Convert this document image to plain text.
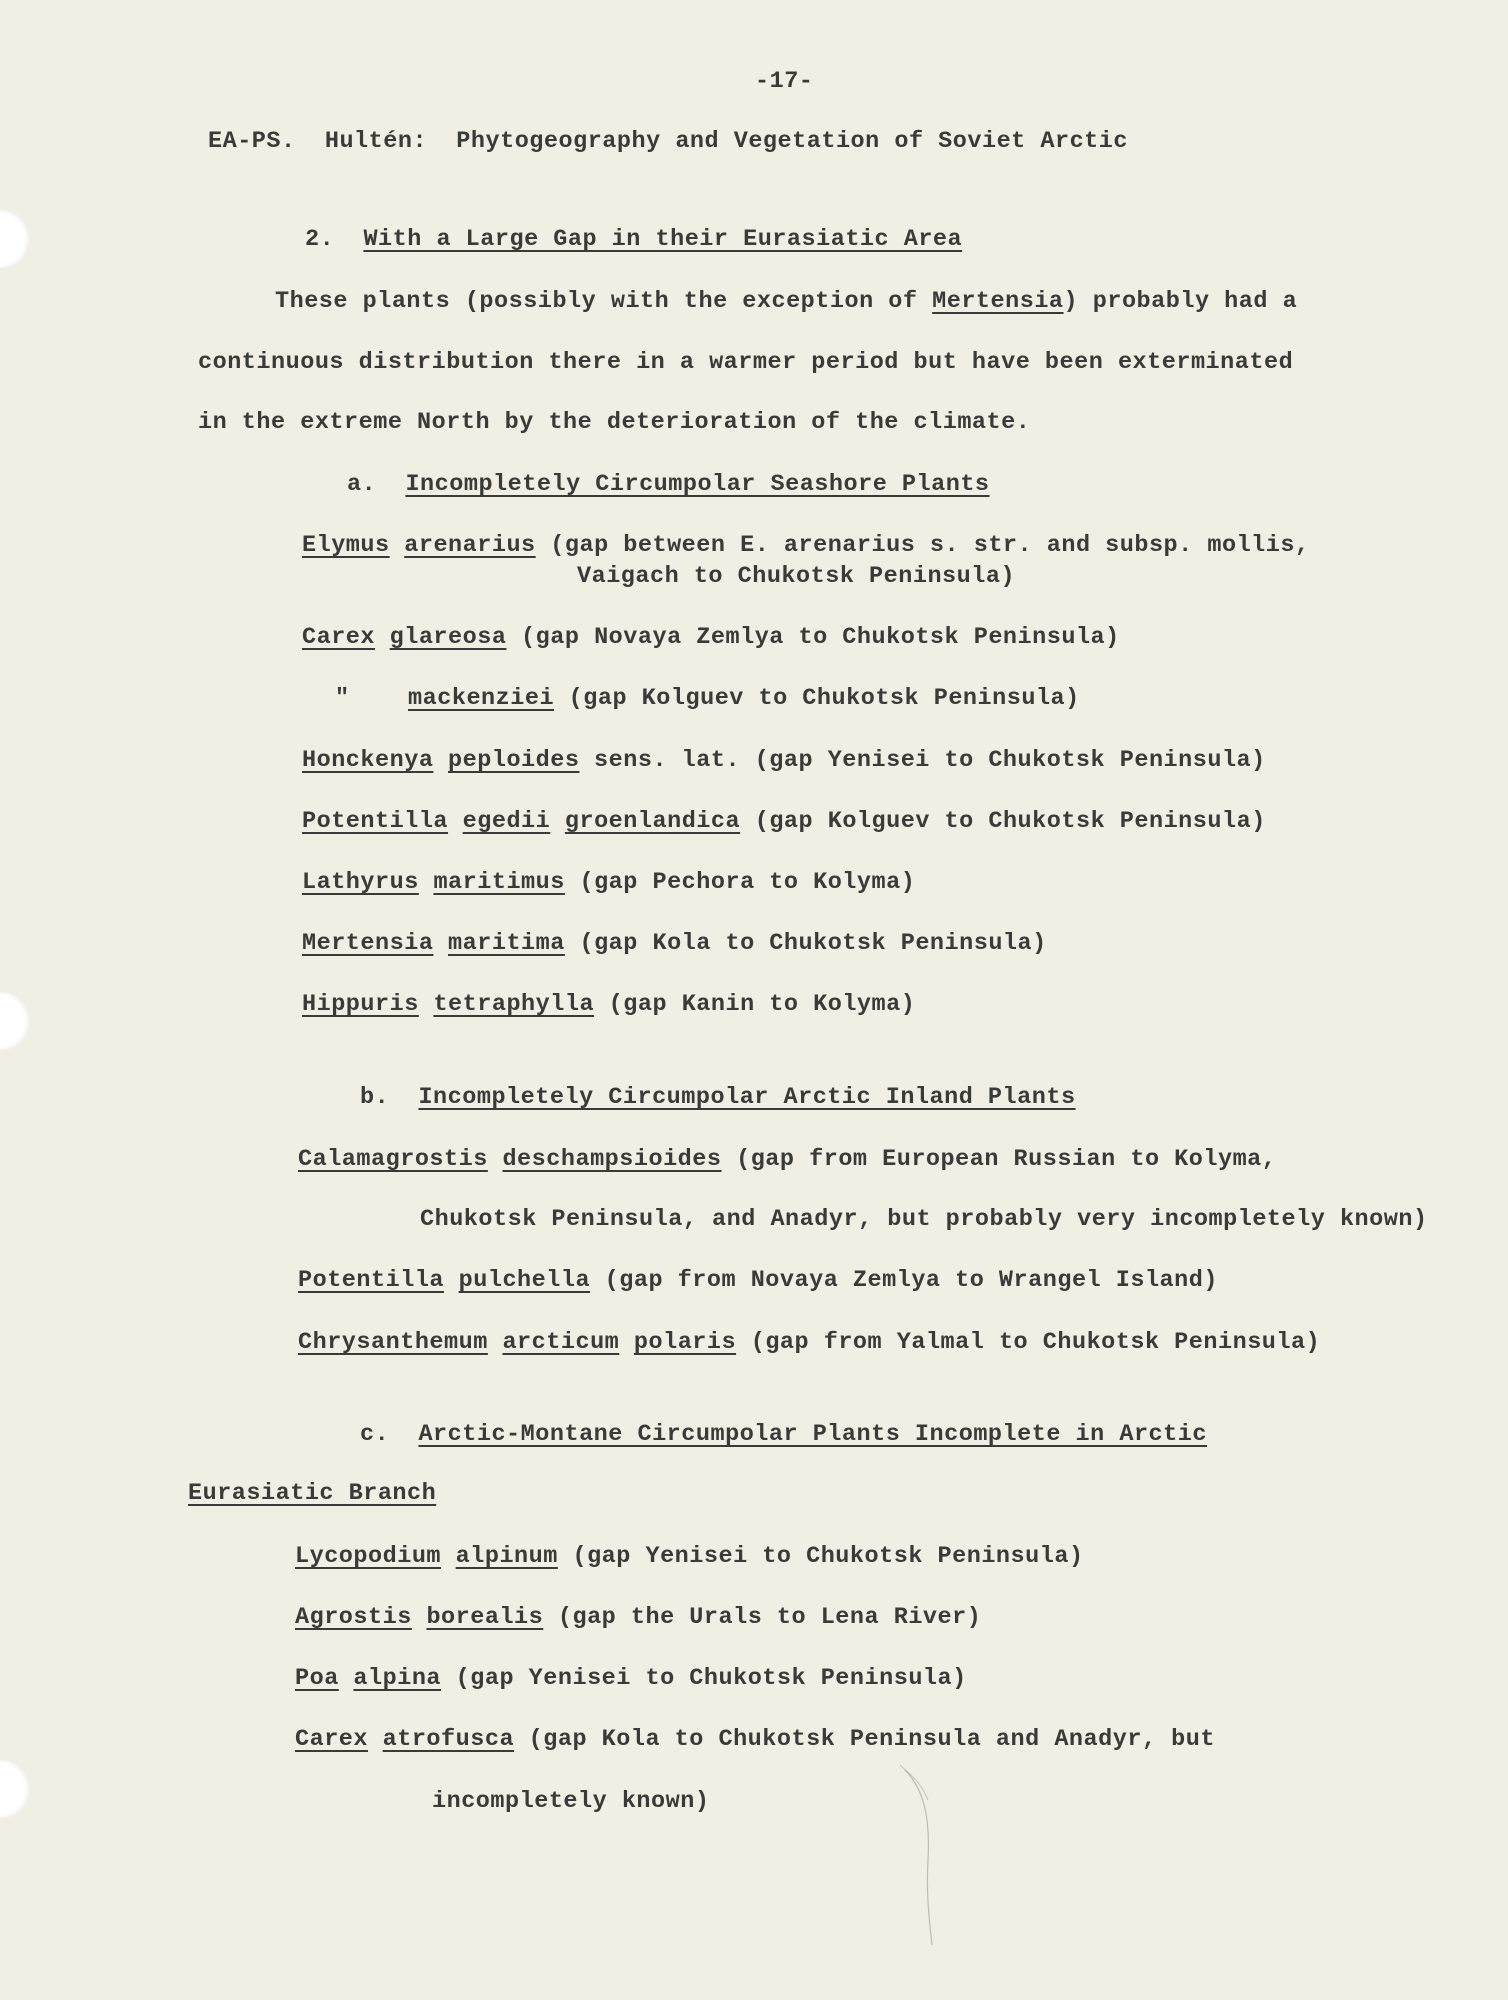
-17-
EA-PS. Hultén: Phytogeography and Vegetation of Soviet Arctic
2. With a Large Gap in their Eurasiatic Area
These plants (possibly with the exception of Mertensia) probably had a
continuous distribution there in a warmer period but have been exterminated
in the extreme North by the deterioration of the climate.
a. Incompletely Circumpolar Seashore Plants
Elymus arenarius (gap between E. arenarius s. str. and subsp. mollis,
Vaigach to Chukotsk Peninsula)
Carex glareosa (gap Novaya Zemlya to Chukotsk Peninsula)
" mackenziei (gap Kolguev to Chukotsk Peninsula)
Honckenya peploides sens. lat. (gap Yenisei to Chukotsk Peninsula)
Potentilla egedii groenlandica (gap Kolguev to Chukotsk Peninsula)
Lathyrus maritimus (gap Pechora to Kolyma)
Mertensia maritima (gap Kola to Chukotsk Peninsula)
Hippuris tetraphylla (gap Kanin to Kolyma)
b. Incompletely Circumpolar Arctic Inland Plants
Calamagrostis deschampsioides (gap from European Russian to Kolyma,
Chukotsk Peninsula, and Anadyr, but probably very incompletely known)
Potentilla pulchella (gap from Novaya Zemlya to Wrangel Island)
Chrysanthemum arcticum polaris (gap from Yalmal to Chukotsk Peninsula)
c. Arctic-Montane Circumpolar Plants Incomplete in Arctic
Eurasiatic Branch
Lycopodium alpinum (gap Yenisei to Chukotsk Peninsula)
Agrostis borealis (gap the Urals to Lena River)
Poa alpina (gap Yenisei to Chukotsk Peninsula)
Carex atrofusca (gap Kola to Chukotsk Peninsula and Anadyr, but
incompletely known)
